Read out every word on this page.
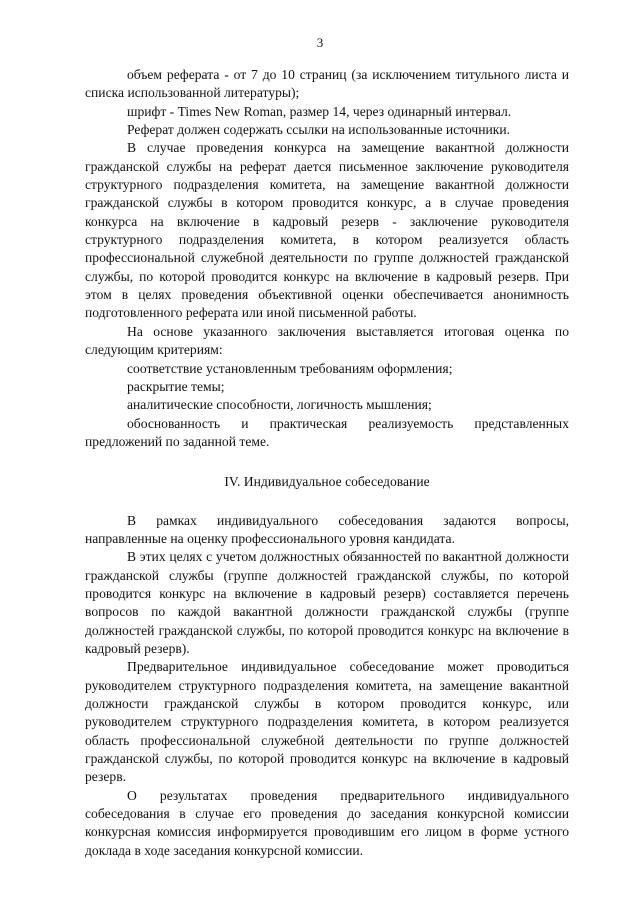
3

объем реферата - от 7 до 10 страниц (за исключением титульного листа и списка использованной литературы);

шрифт - Times New Roman, размер 14, через одинарный интервал.

Реферат должен содержать ссылки на использованные источники.

В случае проведения конкурса на замещение вакантной должности гражданской службы на реферат дается письменное заключение руководителя структурного подразделения комитета, на замещение вакантной должности гражданской службы в котором проводится конкурс, а в случае проведения конкурса на включение в кадровый резерв - заключение руководителя структурного подразделения комитета, в котором реализуется область профессиональной служебной деятельности по группе должностей гражданской службы, по которой проводится конкурс на включение в кадровый резерв. При этом в целях проведения объективной оценки обеспечивается анонимность подготовленного реферата или иной письменной работы.

На основе указанного заключения выставляется итоговая оценка по следующим критериям:

соответствие установленным требованиям оформления;

раскрытие темы;

аналитические способности, логичность мышления;

обоснованность и практическая реализуемость представленных предложений по заданной теме.

IV. Индивидуальное собеседование

В рамках индивидуального собеседования задаются вопросы, направленные на оценку профессионального уровня кандидата.

В этих целях с учетом должностных обязанностей по вакантной должности гражданской службы (группе должностей гражданской службы, по которой проводится конкурс на включение в кадровый резерв) составляется перечень вопросов по каждой вакантной должности гражданской службы (группе должностей гражданской службы, по которой проводится конкурс на включение в кадровый резерв).

Предварительное индивидуальное собеседование может проводиться руководителем структурного подразделения комитета, на замещение вакантной должности гражданской службы в котором проводится конкурс, или руководителем структурного подразделения комитета, в котором реализуется область профессиональной служебной деятельности по группе должностей гражданской службы, по которой проводится конкурс на включение в кадровый резерв.

О результатах проведения предварительного индивидуального собеседования в случае его проведения до заседания конкурсной комиссии конкурсная комиссия информируется проводившим его лицом в форме устного доклада в ходе заседания конкурсной комиссии.
